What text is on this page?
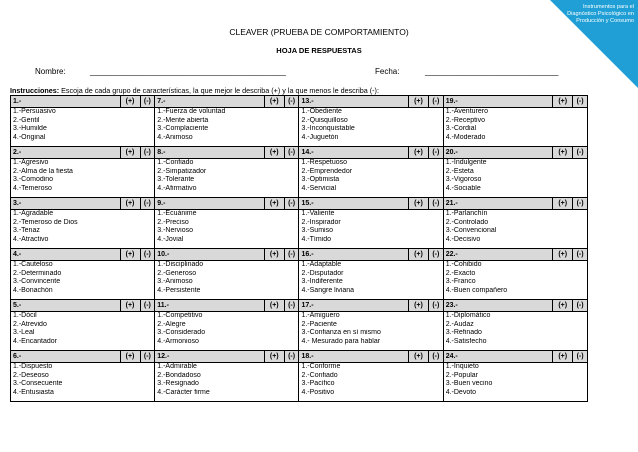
Instrumentos para el Diagnóstico Psicológico en Producción y Consumo
CLEAVER (PRUEBA DE COMPORTAMIENTO)
HOJA DE RESPUESTAS
Nombre:	____________________________________________	Fecha:	______________________________
Instrucciones: Escoja de cada grupo de características, la que mejor le describa (+) y la que menos le describa (-):
1.-	(+)	(-)	7.-	(+)	(-)	13.-	(+)	(-)	19.-	(+)	(-)

1.-Persuasivo
2.-Gentil
3.-Humilde
4.-Original			1.-Fuerza de voluntad
2.-Mente abierta
3.-Complaciente
4.-Animoso			1.-Obediente
2.-Quisquilloso
3.-Inconquistable
4.-Juguetón			1.-Aventurero
2.-Receptivo
3.-Cordial
4.-Moderado		

2.-	(+)	(-)	8.-	(+)	(-)	14.-	(+)	(-)	20.-	(+)	(-)

1.-Agresivo
2.-Alma de la fiesta
3.-Comodino
4.-Temeroso			1.-Confiado
2.-Simpatizador
3.-Tolerante
4.-Afirmativo			1.-Respetuoso
2.-Emprendedor
3.-Optimista
4.-Servicial			1.-Indulgente
2.-Esteta
3.-Vigoroso
4.-Sociable		

3.-	(+)	(-)	9.-	(+)	(-)	15.-	(+)	(-)	21.-	(+)	(-)

1.-Agradable
2.-Temeroso de Dios
3.-Tenaz
4.-Atractivo			1.-Ecuánime
2.-Preciso
3.-Nervioso
4.-Jovial			1.-Valiente
2.-Inspirador
3.-Sumiso
4.-Tímido			1.-Parlanchín
2.-Controlado
3.-Convencional
4.-Decisivo		

4.-	(+)	(-)	10.-	(+)	(-)	16.-	(+)	(-)	22.-	(+)	(-)

1.-Cauteloso
2.-Determinado
3.-Convincente
4.-Bonachón			1.-Disciplinado
2.-Generoso
3.-Animoso
4.-Persistente			1.-Adaptable
2.-Disputador
3.-Indiferente
4.-Sangre liviana			1.-Cohibido
2.-Exacto
3.-Franco
4.-Buen compañero		

5.-	(+)	(-)	11.-	(+)	(-)	17.-	(+)	(-)	23.-	(+)	(-)

1.-Dócil
2.-Atrevido
3.-Leal
4.-Encantador			1.-Competitivo
2.-Alegre
3.-Considerado
4.-Armonioso			1.-Amiguero
2.-Paciente
3.-Confianza en sí mismo
4.- Mesurado para hablar			1.-Diplomático
2.-Audaz
3.-Refinado
4.-Satisfecho		

6.-	(+)	(-)	12.-	(+)	(-)	18.-	(+)	(-)	24.-	(+)	(-)

1.-Dispuesto
2.-Deseoso
3.-Consecuente
4.-Entusiasta			1.-Admirable
2.-Bondadoso
3.-Resignado
4.-Carácter firme			1.-Conforme
2.-Confiado
3.-Pacífico
4.-Positivo			1.-Inquieto
2.-Popular
3.-Buen vecino
4.-Devoto		
